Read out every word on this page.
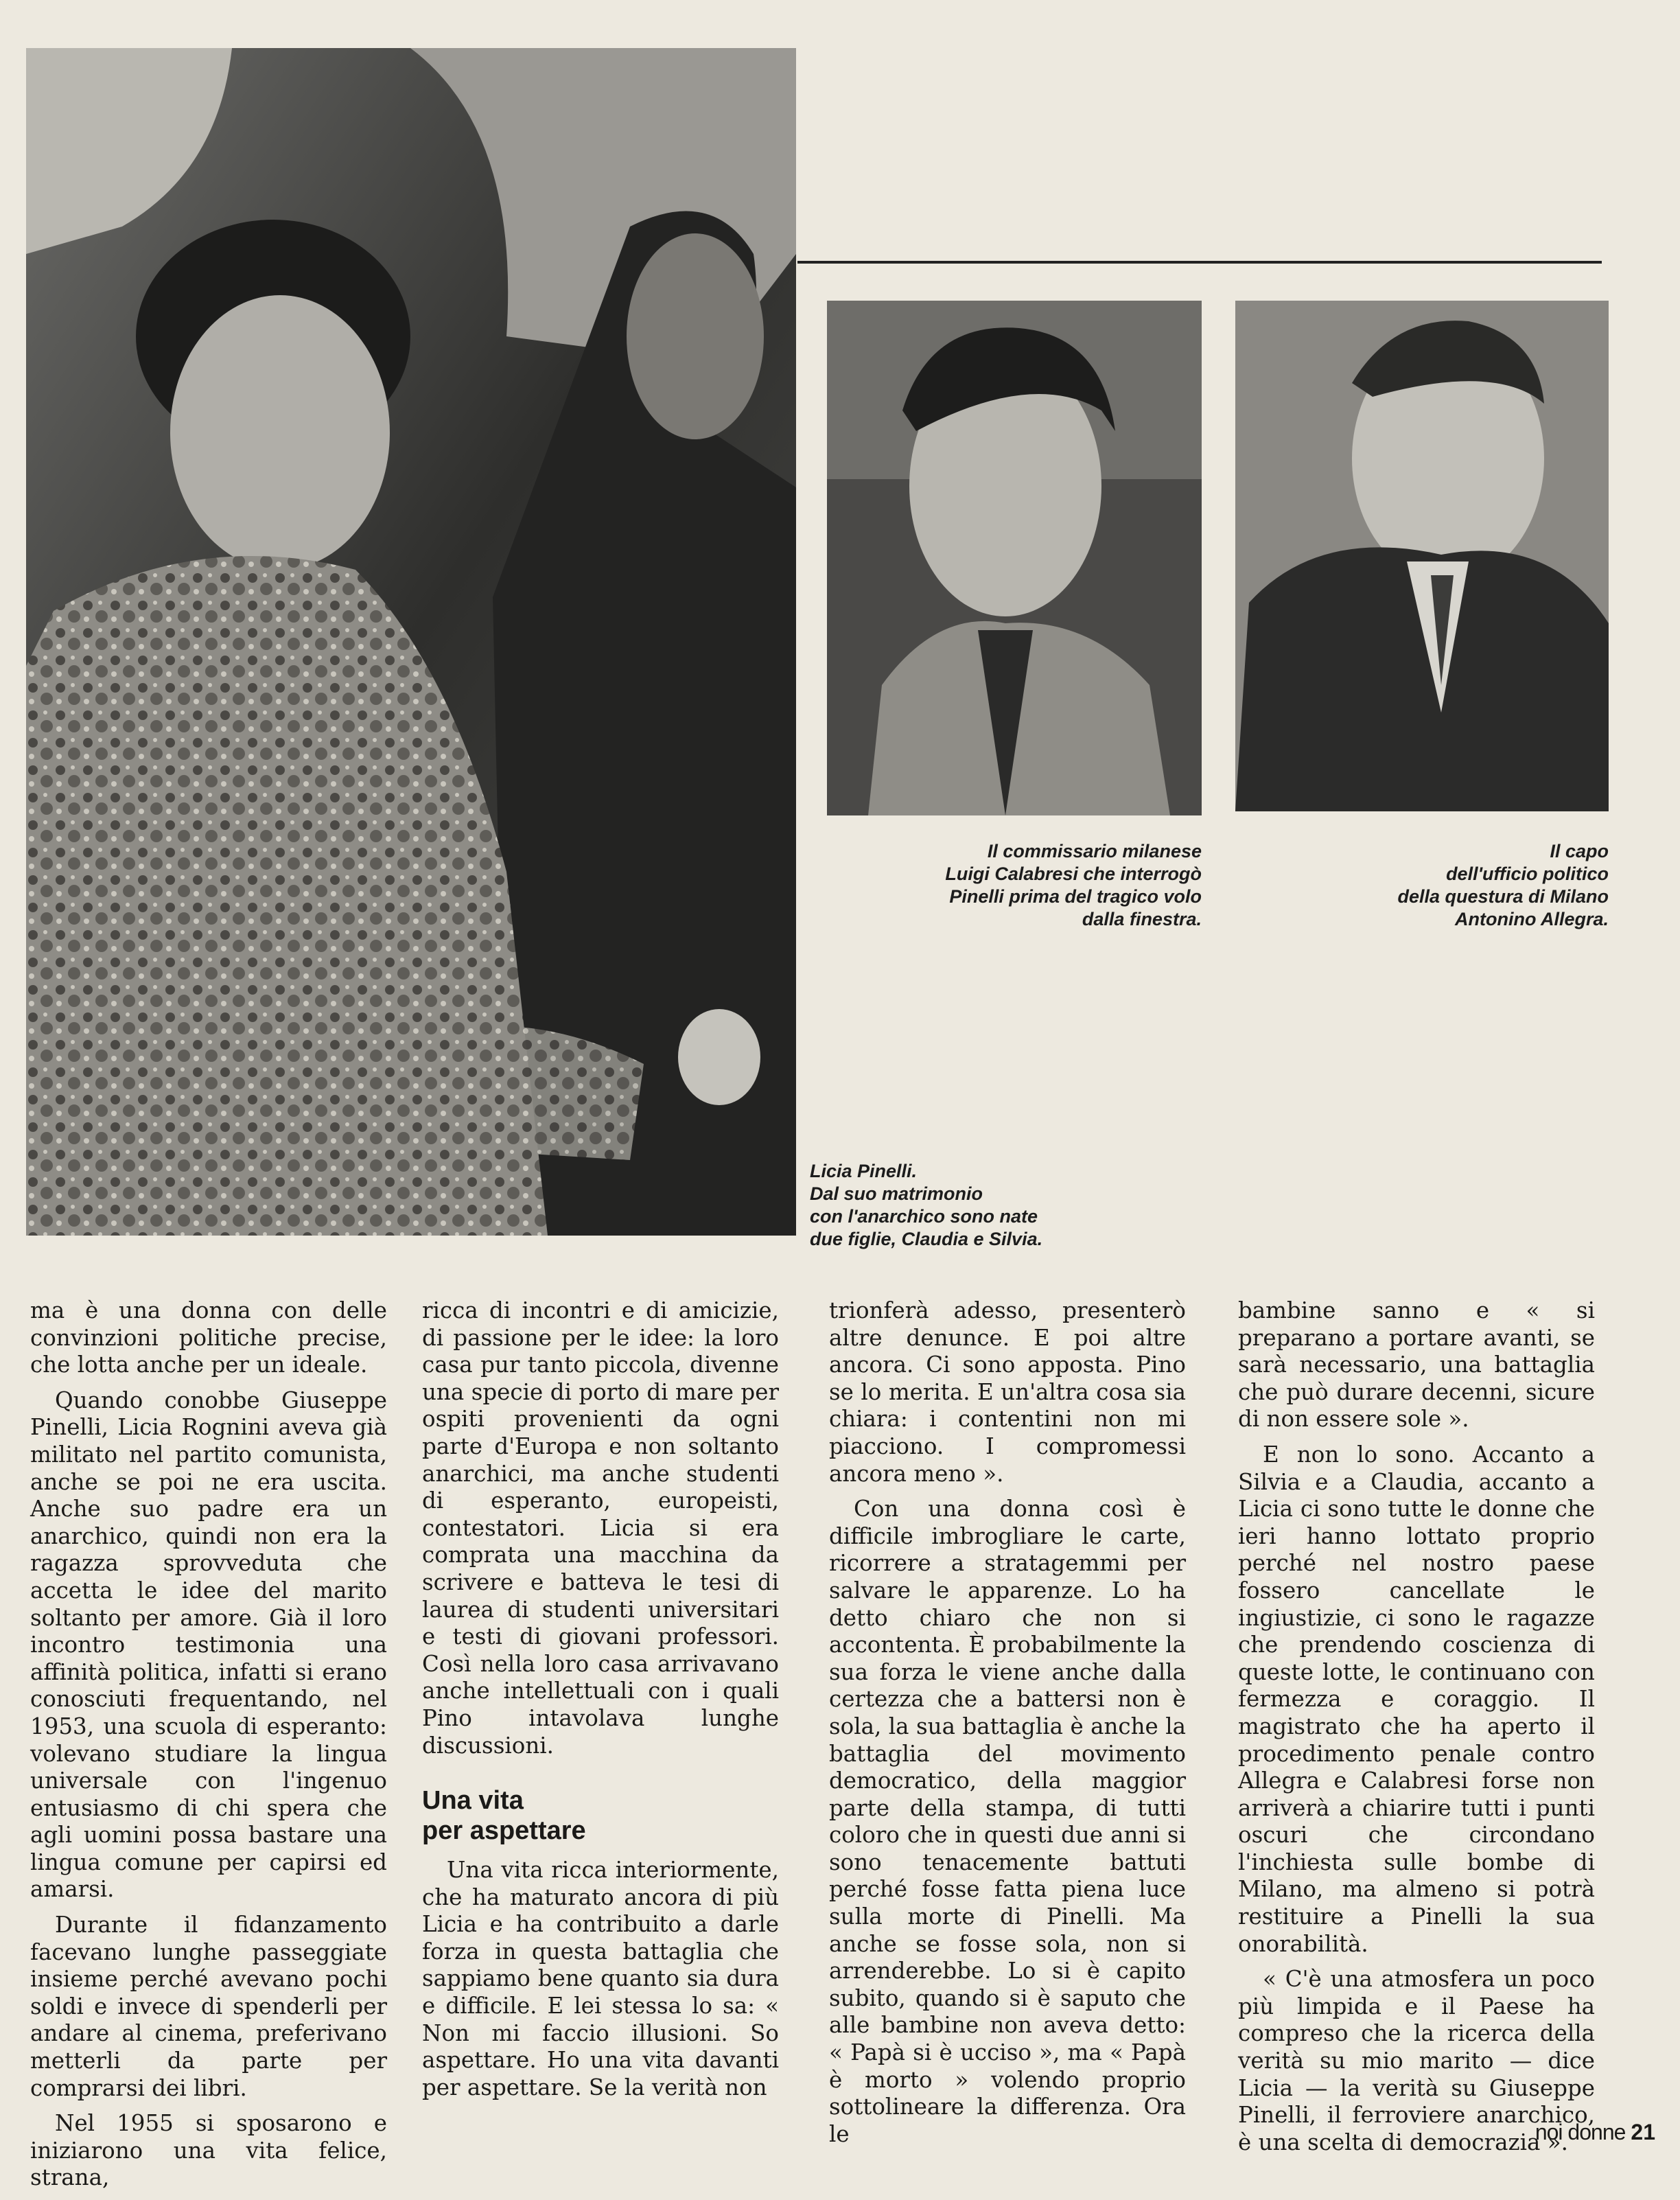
Il commissario milanese
Luigi Calabresi che interrogò
Pinelli prima del tragico volo
dalla finestra.
Il capo
dell'ufficio politico
della questura di Milano
Antonino Allegra.
Licia Pinelli.
Dal suo matrimonio
con l'anarchico sono nate
due figlie, Claudia e Silvia.

ma è una donna con delle convinzioni politiche precise, che lotta anche per un ideale.

Quando conobbe Giuseppe Pinelli, Licia Rognini aveva già militato nel partito comunista, anche se poi ne era uscita. Anche suo padre era un anarchico, quindi non era la ragazza sprovveduta che accetta le idee del marito soltanto per amore. Già il loro incontro testimonia una affinità politica, infatti si erano conosciuti frequentando, nel 1953, una scuola di esperanto: volevano studiare la lingua universale con l'ingenuo entusiasmo di chi spera che agli uomini possa bastare una lingua comune per capirsi ed amarsi.

Durante il fidanzamento facevano lunghe passeggiate insieme perché avevano pochi soldi e invece di spenderli per andare al cinema, preferivano metterli da parte per comprarsi dei libri.

Nel 1955 si sposarono e iniziarono una vita felice, strana,

ricca di incontri e di amicizie, di passione per le idee: la loro casa pur tanto piccola, divenne una specie di porto di mare per ospiti provenienti da ogni parte d'Europa e non soltanto anarchici, ma anche studenti di esperanto, europeisti, contestatori. Licia si era comprata una macchina da scrivere e batteva le tesi di laurea di studenti universitari e testi di giovani professori. Così nella loro casa arrivavano anche intellettuali con i quali Pino intavolava lunghe discussioni.

Una vita
per aspettare

Una vita ricca interiormente, che ha maturato ancora di più Licia e ha contribuito a darle forza in questa battaglia che sappiamo bene quanto sia dura e difficile. E lei stessa lo sa: « Non mi faccio illusioni. So aspettare. Ho una vita davanti per aspettare. Se la verità non

trionferà adesso, presenterò altre denunce. E poi altre ancora. Ci sono apposta. Pino se lo merita. E un'altra cosa sia chiara: i contentini non mi piacciono. I compromessi ancora meno ».

Con una donna così è difficile imbrogliare le carte, ricorrere a stratagemmi per salvare le apparenze. Lo ha detto chiaro che non si accontenta. È probabilmente la sua forza le viene anche dalla certezza che a battersi non è sola, la sua battaglia è anche la battaglia del movimento democratico, della maggior parte della stampa, di tutti coloro che in questi due anni si sono tenacemente battuti perché fosse fatta piena luce sulla morte di Pinelli. Ma anche se fosse sola, non si arrenderebbe. Lo si è capito subito, quando si è saputo che alle bambine non aveva detto: « Papà si è ucciso », ma « Papà è morto » volendo proprio sottolineare la differenza. Ora le

bambine sanno e « si preparano a portare avanti, se sarà necessario, una battaglia che può durare decenni, sicure di non essere sole ».

E non lo sono. Accanto a Silvia e a Claudia, accanto a Licia ci sono tutte le donne che ieri hanno lottato proprio perché nel nostro paese fossero cancellate le ingiustizie, ci sono le ragazze che prendendo coscienza di queste lotte, le continuano con fermezza e coraggio. Il magistrato che ha aperto il procedimento penale contro Allegra e Calabresi forse non arriverà a chiarire tutti i punti oscuri che circondano l'inchiesta sulle bombe di Milano, ma almeno si potrà restituire a Pinelli la sua onorabilità.

« C'è una atmosfera un poco più limpida e il Paese ha compreso che la ricerca della verità su mio marito — dice Licia — la verità su Giuseppe Pinelli, il ferroviere anarchico, è una scelta di democrazia ».

noi donne 21
